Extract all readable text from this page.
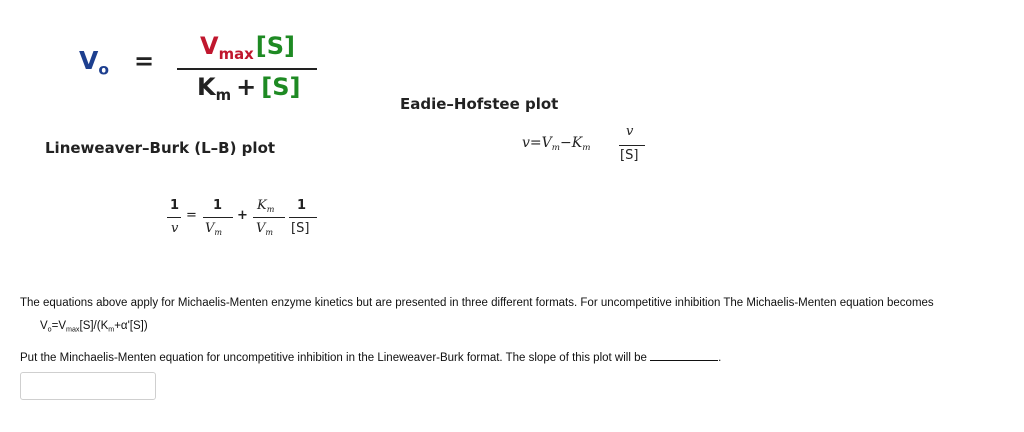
$V_o$ =
$V_{max}[S]$
$K_m + [S]$
Eadie–Hofstee plot
$v=V_m-K_m$
v
[S]
Lineweaver–Burk (L–B) plot
1
v
=
1
$V_m$
+
$K_m$
$V_m$
1
[S]
The equations above apply for Michaelis-Menten enzyme kinetics but are presented in three different formats. For uncompetitive inhibition The Michaelis-Menten equation becomes
$V_o=V_{max}[S]/(K_m+\alpha'[S])$
Put the Minchaelis-Menten equation for uncompetitive inhibition in the Lineweaver-Burk format. The slope of this plot will be	.
